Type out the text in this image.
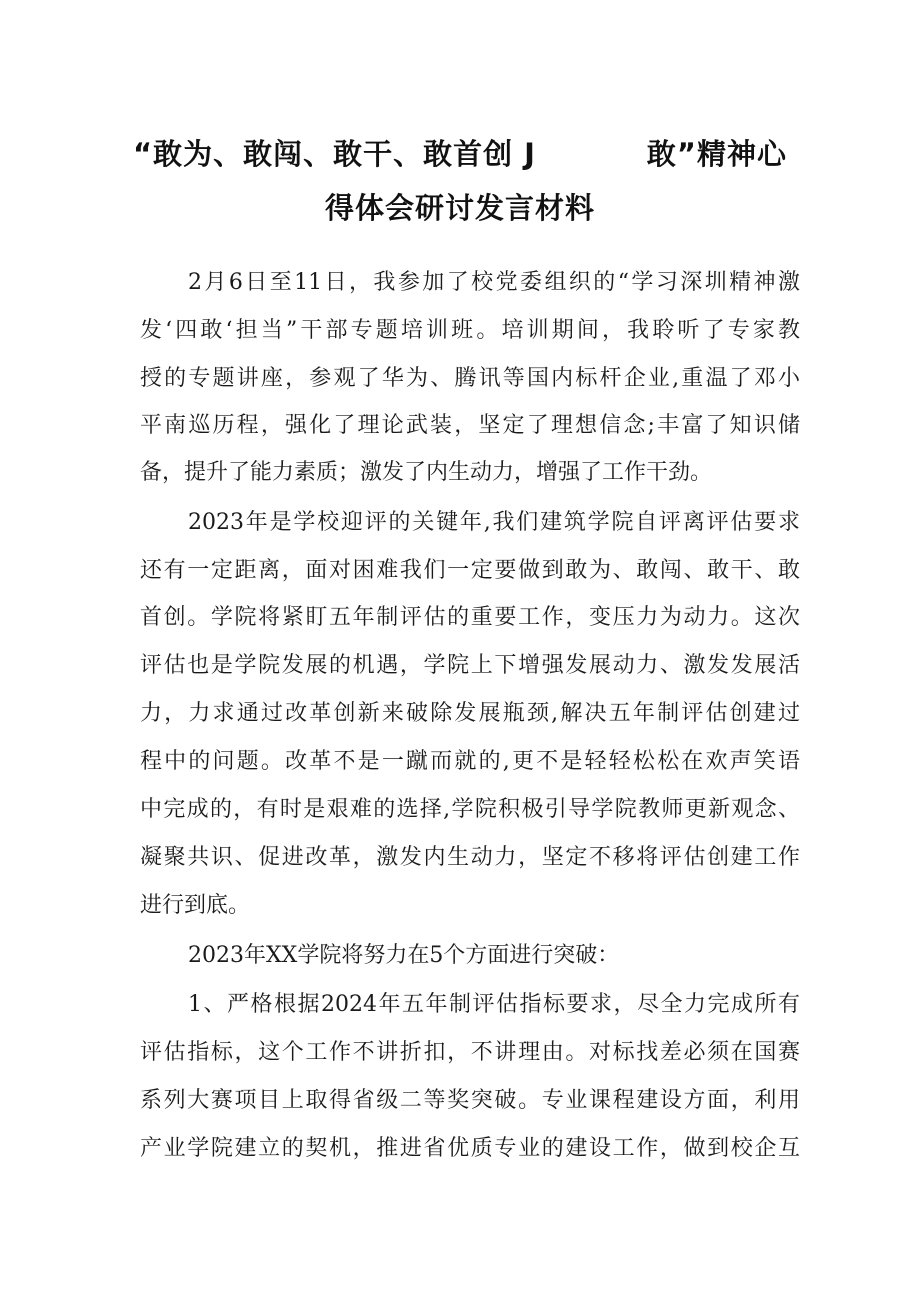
“敢为、敢闯、敢干、敢首创 J          敢”精神心
得体会研讨发言材料
2月6日至11日，我参加了校党委组织的“学习深圳精神激
发‘四敢‘担当”干部专题培训班。培训期间，我聆听了专家教
授的专题讲座，参观了华为、腾讯等国内标杆企业,重温了邓小
平南巡历程，强化了理论武装，坚定了理想信念;丰富了知识储
备，提升了能力素质；激发了内生动力，增强了工作干劲。
2023年是学校迎评的关键年,我们建筑学院自评离评估要求
还有一定距离，面对困难我们一定要做到敢为、敢闯、敢干、敢
首创。学院将紧盯五年制评估的重要工作，变压力为动力。这次
评估也是学院发展的机遇，学院上下增强发展动力、激发发展活
力，力求通过改革创新来破除发展瓶颈,解决五年制评估创建过
程中的问题。改革不是一蹴而就的,更不是轻轻松松在欢声笑语
中完成的，有时是艰难的选择,学院积极引导学院教师更新观念、
凝聚共识、促进改革，激发内生动力，坚定不移将评估创建工作
进行到底。
2023年XX学院将努力在5个方面进行突破：
1、严格根据2024年五年制评估指标要求，尽全力完成所有
评估指标，这个工作不讲折扣，不讲理由。对标找差必须在国赛
系列大赛项目上取得省级二等奖突破。专业课程建设方面，利用
产业学院建立的契机，推进省优质专业的建设工作，做到校企互
